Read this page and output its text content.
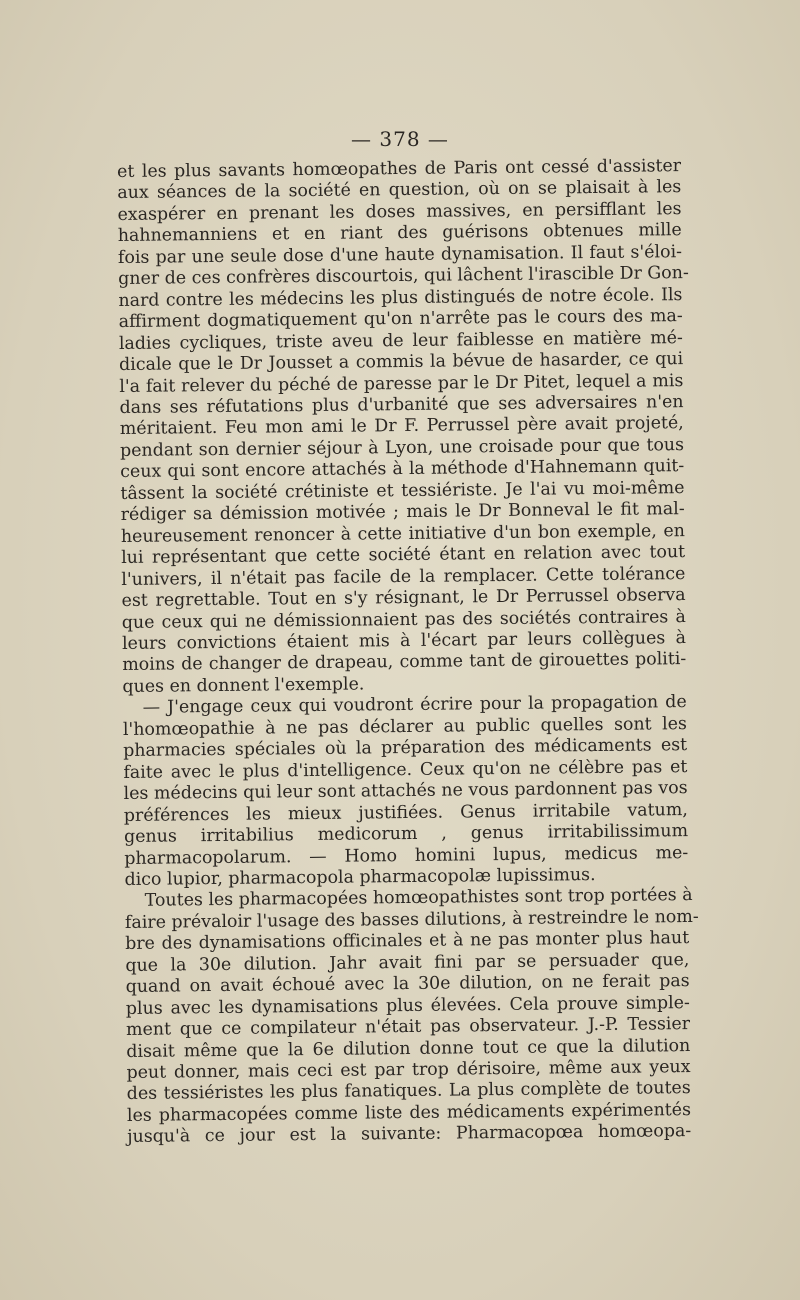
— 378 —
et les plus savants homœopathes de Paris ont cessé d'assister
aux séances de la société en question, où on se plaisait à les
exaspérer en prenant les doses massives, en persifflant les
hahnemanniens et en riant des guérisons obtenues mille
fois par une seule dose d'une haute dynamisation. Il faut s'éloi-
gner de ces confrères discourtois, qui lâchent l'irascible Dr Gon-
nard contre les médecins les plus distingués de notre école. Ils
affirment dogmatiquement qu'on n'arrête pas le cours des ma-
ladies cycliques, triste aveu de leur faiblesse en matière mé-
dicale que le Dr Jousset a commis la bévue de hasarder, ce qui
l'a fait relever du péché de paresse par le Dr Pitet, lequel a mis
dans ses réfutations plus d'urbanité que ses adversaires n'en
méritaient. Feu mon ami le Dr F. Perrussel père avait projeté,
pendant son dernier séjour à Lyon, une croisade pour que tous
ceux qui sont encore attachés à la méthode d'Hahnemann quit-
tâssent la société crétiniste et tessiériste. Je l'ai vu moi-même
rédiger sa démission motivée ; mais le Dr Bonneval le fit mal-
heureusement renoncer à cette initiative d'un bon exemple, en
lui représentant que cette société étant en relation avec tout
l'univers, il n'était pas facile de la remplacer. Cette tolérance
est regrettable. Tout en s'y résignant, le Dr Perrussel observa
que ceux qui ne démissionnaient pas des sociétés contraires à
leurs convictions étaient mis à l'écart par leurs collègues à
moins de changer de drapeau, comme tant de girouettes politi-
ques en donnent l'exemple.
— J'engage ceux qui voudront écrire pour la propagation de
l'homœopathie à ne pas déclarer au public quelles sont les
pharmacies spéciales où la préparation des médicaments est
faite avec le plus d'intelligence. Ceux qu'on ne célèbre pas et
les médecins qui leur sont attachés ne vous pardonnent pas vos
préférences les mieux justifiées. Genus irritabile vatum,
genus irritabilius medicorum , genus irritabilissimum
pharmacopolarum. — Homo homini lupus, medicus me-
dico lupior, pharmacopola pharmacopolæ lupissimus.
Toutes les pharmacopées homœopathistes sont trop portées à
faire prévaloir l'usage des basses dilutions, à restreindre le nom-
bre des dynamisations officinales et à ne pas monter plus haut
que la 30e dilution. Jahr avait fini par se persuader que,
quand on avait échoué avec la 30e dilution, on ne ferait pas
plus avec les dynamisations plus élevées. Cela prouve simple-
ment que ce compilateur n'était pas observateur. J.-P. Tessier
disait même que la 6e dilution donne tout ce que la dilution
peut donner, mais ceci est par trop dérisoire, même aux yeux
des tessiéristes les plus fanatiques. La plus complète de toutes
les pharmacopées comme liste des médicaments expérimentés
jusqu'à ce jour est la suivante: Pharmacopœa homœopa-
